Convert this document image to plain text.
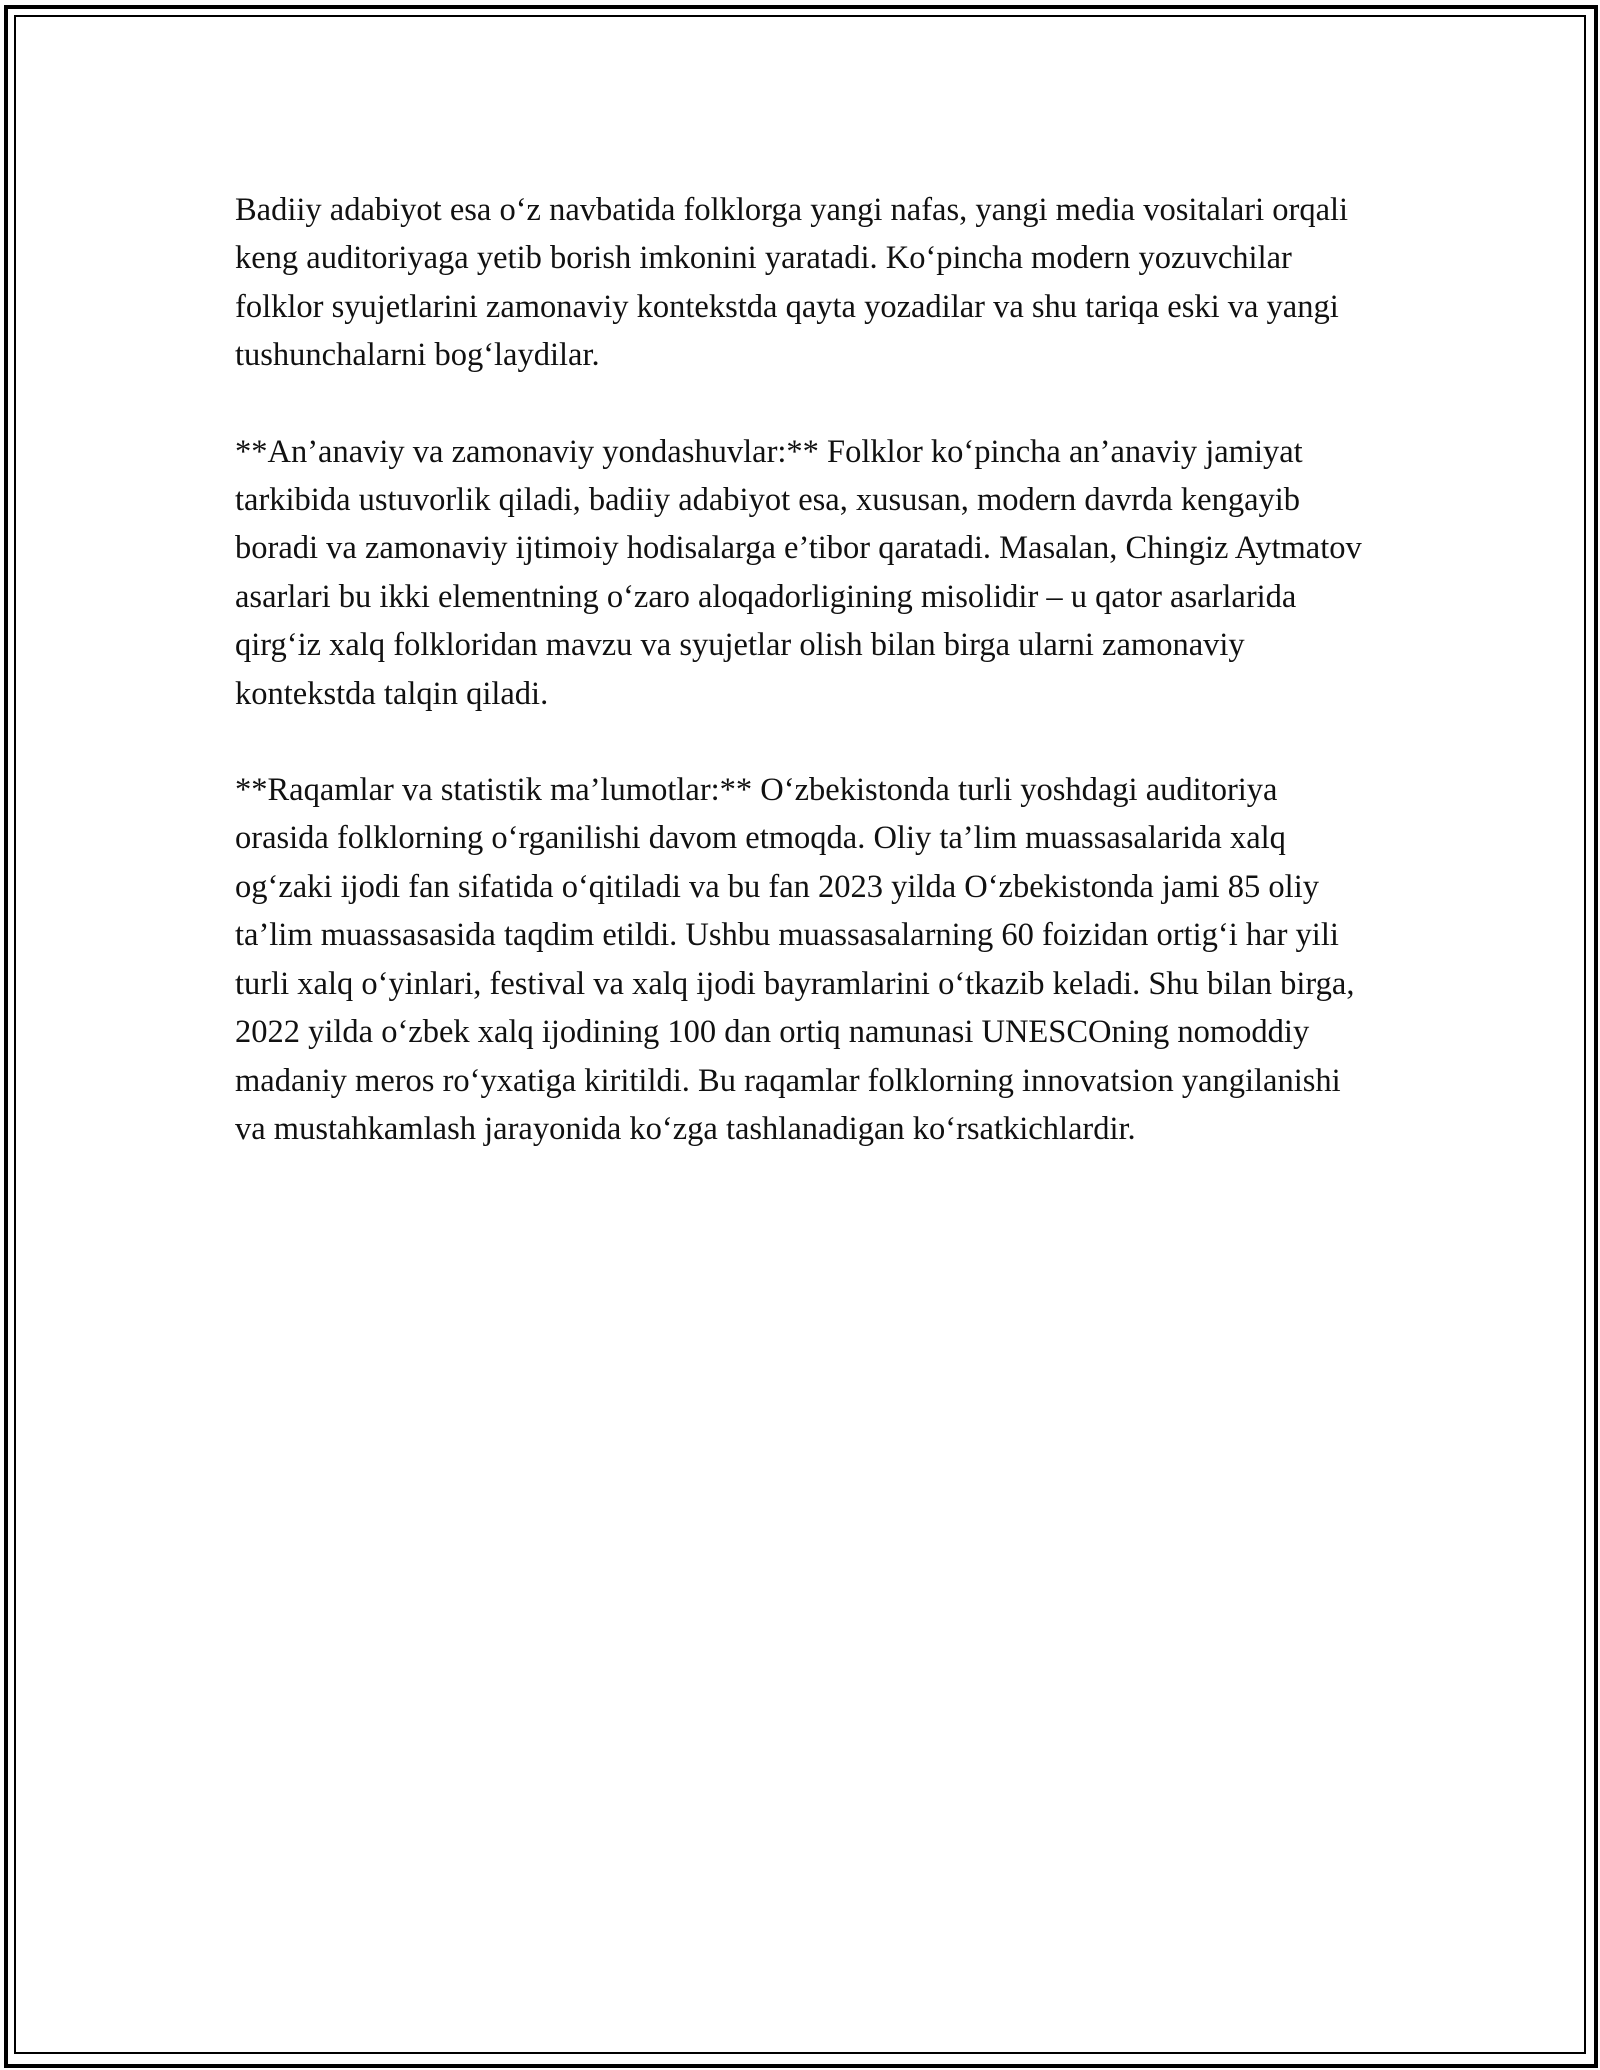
Badiiy adabiyot esa o‘z navbatida folklorga yangi nafas, yangi media vositalari orqali keng auditoriyaga yetib borish imkonini yaratadi. Ko‘pincha modern yozuvchilar folklor syujetlarini zamonaviy kontekstda qayta yozadilar va shu tariqa eski va yangi tushunchalarni bog‘laydilar.

**An’anaviy va zamonaviy yondashuvlar:** Folklor ko‘pincha an’anaviy jamiyat tarkibida ustuvorlik qiladi, badiiy adabiyot esa, xususan, modern davrda kengayib boradi va zamonaviy ijtimoiy hodisalarga e’tibor qaratadi. Masalan, Chingiz Aytmatov asarlari bu ikki elementning o‘zaro aloqadorligining misolidir – u qator asarlarida qirg‘iz xalq folkloridan mavzu va syujetlar olish bilan birga ularni zamonaviy kontekstda talqin qiladi.

**Raqamlar va statistik ma’lumotlar:** O‘zbekistonda turli yoshdagi auditoriya orasida folklorning o‘rganilishi davom etmoqda. Oliy ta’lim muassasalarida xalq og‘zaki ijodi fan sifatida o‘qitiladi va bu fan 2023 yilda O‘zbekistonda jami 85 oliy ta’lim muassasasida taqdim etildi. Ushbu muassasalarning 60 foizidan ortig‘i har yili turli xalq o‘yinlari, festival va xalq ijodi bayramlarini o‘tkazib keladi. Shu bilan birga, 2022 yilda o‘zbek xalq ijodining 100 dan ortiq namunasi UNESCOning nomoddiy madaniy meros ro‘yxatiga kiritildi. Bu raqamlar folklorning innovatsion yangilanishi va mustahkamlash jarayonida ko‘zga tashlanadigan ko‘rsatkichlardir.
